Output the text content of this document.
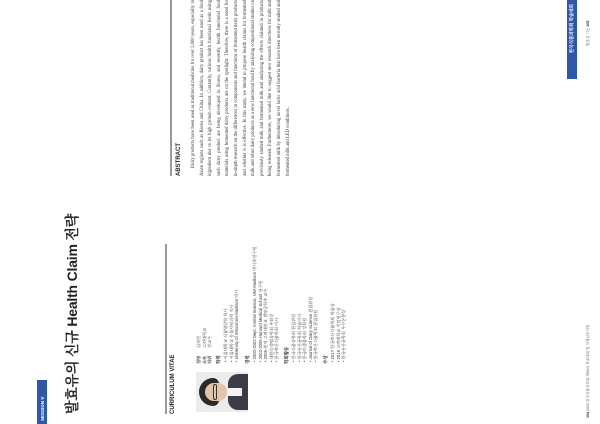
SESSION V
한국식품과학회 학술대회
발효유의 신규 Health Claim 전략	CURRICULUM VITAE	성명김세헌
소속고려대학교
직위정교수
학력
• 서울대학교 식품영양학 학사 • 서울대학교 동물자원과학 석사 • University of Wisconsin-Madison 박사
경력
• 2000-2002 Dept. Animal Science, UW-Madison 박사후연구원 • 2002-2005 Harvard Medical School 연구원 • 2005-현재 고려대학교 생명공학부 교수 • 대한의생명과학회 부회장 • 한국축산식품학회 이사 학회활동 • 한국식품과학회 편집위원 • 한국유산균학회 학술이사 • 한국미생물학회 정회원 • Journal of Dairy Science 편집위원 • 한국축산식품학회 편집위원
수상
• 2017 한국축산식품학회 학술상 • 2019 고려대학교 석탑연구상 • 한국유산균학회 우수논문상
ABSTRACT Dairy products have been used as traditional medicine for over 2,000 years, especially in Asian regions such as Korea and China. In addition, dairy product has been used as a food ingredient due to its high protein content. Currently, various health functional foods using such dairy product are being developed in Korea, and recently, health functional food materials using fermented dairy products are on the spotlight. Therefore, there is a need for in-depth research on the differences in components and functions of fermented dairy products and whether it is effective. In this study, we intend to propose health claims for fermented milk and other dairy products as a new functional food by analyzing compositional studies on previously studied milk and fermented milk and analyzing the effects claimed in products being released. Furthermore, we would like to suggest new research directions for milk and fermented milk by introducing novel lactic acid bacteria that have been recently studied and fermented milk and LED conditions.
104 2023 한국식품과학회 제90차 학술대회 및 국제심포지엄
발효유 기능 105
